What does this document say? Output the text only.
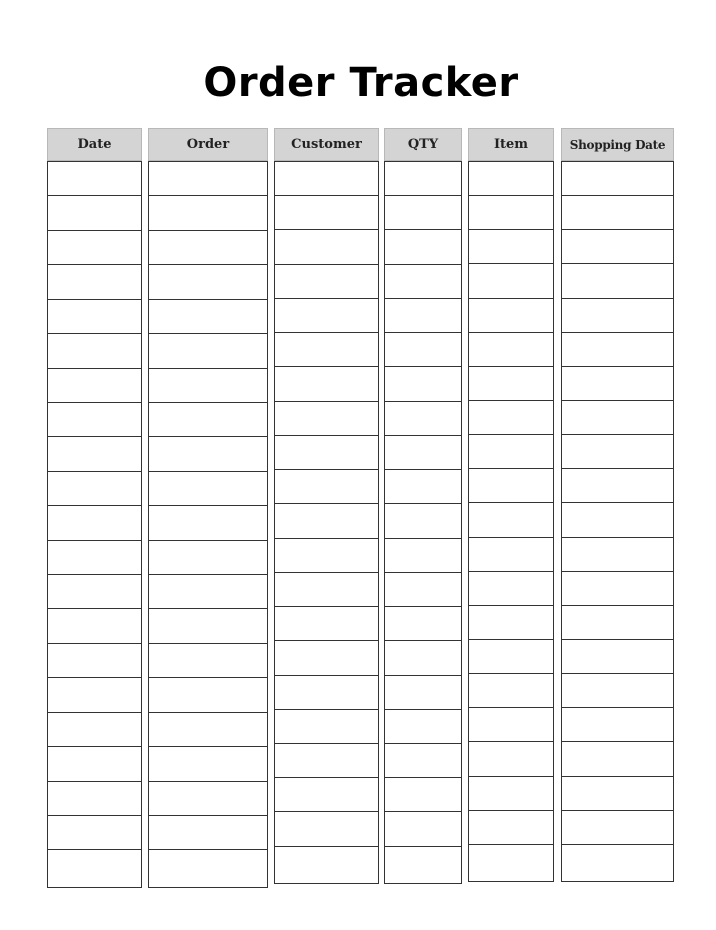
Order Tracker
Date	Order	Customer	QTY	Item	Shopping Date
